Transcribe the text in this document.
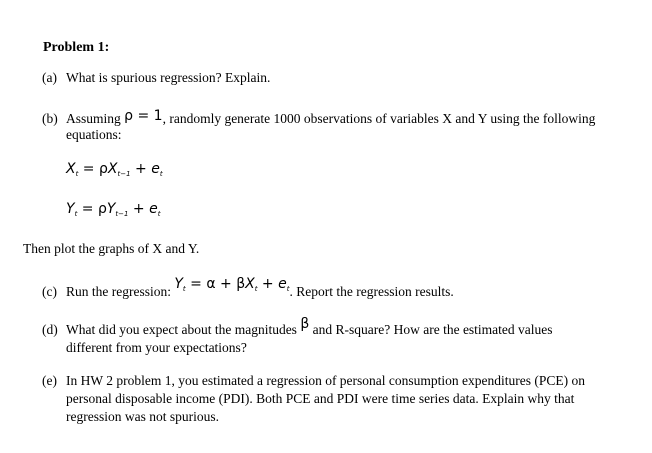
Problem 1:
(a) What is spurious regression? Explain.
(b) Assuming ρ = 1, randomly generate 1000 observations of variables X and Y using the following
equations:
$X_t = \rho X_{t-1} + e_t$
$Y_t = \rho Y_{t-1} + e_t$
Then plot the graphs of X and Y.
(c) Run the regression: $Y_t = \alpha + \beta X_t + e_t$. Report the regression results.
(d) What did you expect about the magnitudes β and R-square? How are the estimated values
different from your expectations?
(e) In HW 2 problem 1, you estimated a regression of personal consumption expenditures (PCE) on
personal disposable income (PDI). Both PCE and PDI were time series data. Explain why that
regression was not spurious.
